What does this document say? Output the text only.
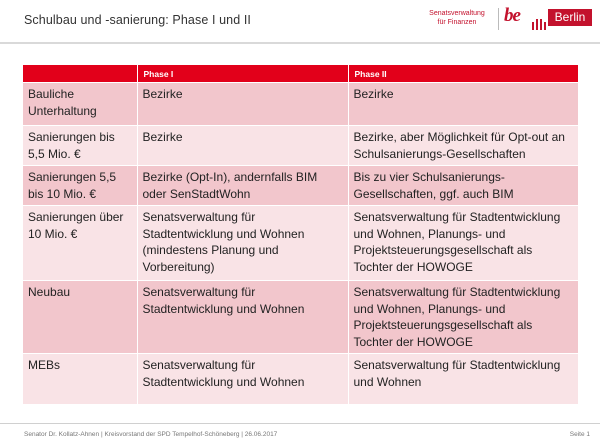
Schulbau und -sanierung: Phase I und II	Senatsverwaltung
für Finanzen	be	Berlin
	Phase I	Phase II
Bauliche Unterhaltung	Bezirke	Bezirke
Sanierungen bis 5,5 Mio. €	Bezirke	Bezirke, aber Möglichkeit für Opt-out an Schulsanierungs-Gesellschaften
Sanierungen 5,5 bis 10 Mio. €	Bezirke (Opt-In), andernfalls BIM oder SenStadtWohn	Bis zu vier Schulsanierungs-Gesellschaften, ggf. auch BIM
Sanierungen über 10 Mio. €	Senatsverwaltung für Stadtentwicklung und Wohnen (mindestens Planung und Vorbereitung)	Senatsverwaltung für Stadtentwicklung und Wohnen, Planungs- und Projektsteuerungsgesellschaft als Tochter der HOWOGE
Neubau	Senatsverwaltung für Stadtentwicklung und Wohnen	Senatsverwaltung für Stadtentwicklung und Wohnen, Planungs- und Projektsteuerungsgesellschaft als Tochter der HOWOGE
MEBs	Senatsverwaltung für Stadtentwicklung und Wohnen	Senatsverwaltung für Stadtentwicklung und Wohnen
Senator Dr. Kollatz-Ahnen | Kreisvorstand der SPD Tempelhof-Schöneberg | 26.06.2017	Seite 1
